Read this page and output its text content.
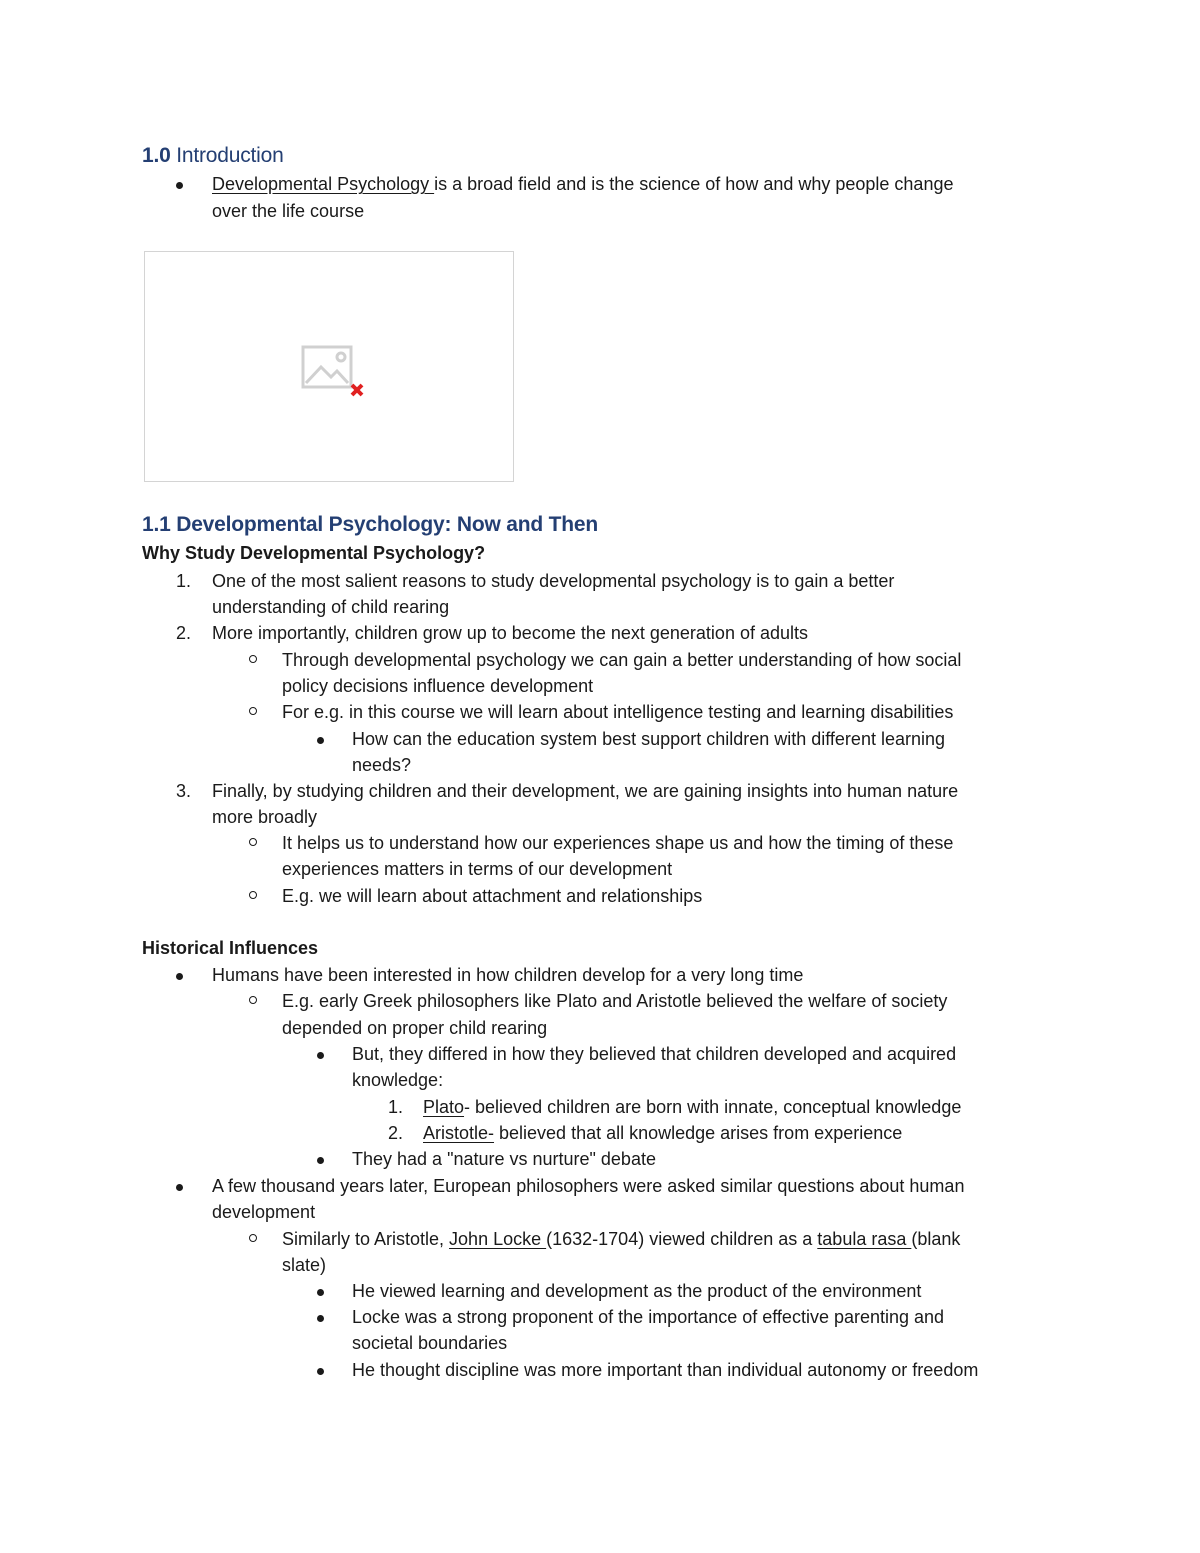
1.0 Introduction
Developmental Psychology is a broad field and is the science of how and why people change
over the life course
1.1 Developmental Psychology: Now and Then
Why Study Developmental Psychology?
1. One of the most salient reasons to study developmental psychology is to gain a better
understanding of child rearing
2. More importantly, children grow up to become the next generation of adults
Through developmental psychology we can gain a better understanding of how social
policy decisions influence development
For e.g. in this course we will learn about intelligence testing and learning disabilities
How can the education system best support children with different learning
needs?
3. Finally, by studying children and their development, we are gaining insights into human nature
more broadly
It helps us to understand how our experiences shape us and how the timing of these
experiences matters in terms of our development
E.g. we will learn about attachment and relationships
Historical Influences
Humans have been interested in how children develop for a very long time
E.g. early Greek philosophers like Plato and Aristotle believed the welfare of society
depended on proper child rearing
But, they differed in how they believed that children developed and acquired
knowledge:
1. Plato- believed children are born with innate, conceptual knowledge
2. Aristotle- believed that all knowledge arises from experience
They had a "nature vs nurture" debate
A few thousand years later, European philosophers were asked similar questions about human
development
Similarly to Aristotle, John Locke (1632-1704) viewed children as a tabula rasa (blank
slate)
He viewed learning and development as the product of the environment
Locke was a strong proponent of the importance of effective parenting and
societal boundaries
He thought discipline was more important than individual autonomy or freedom
